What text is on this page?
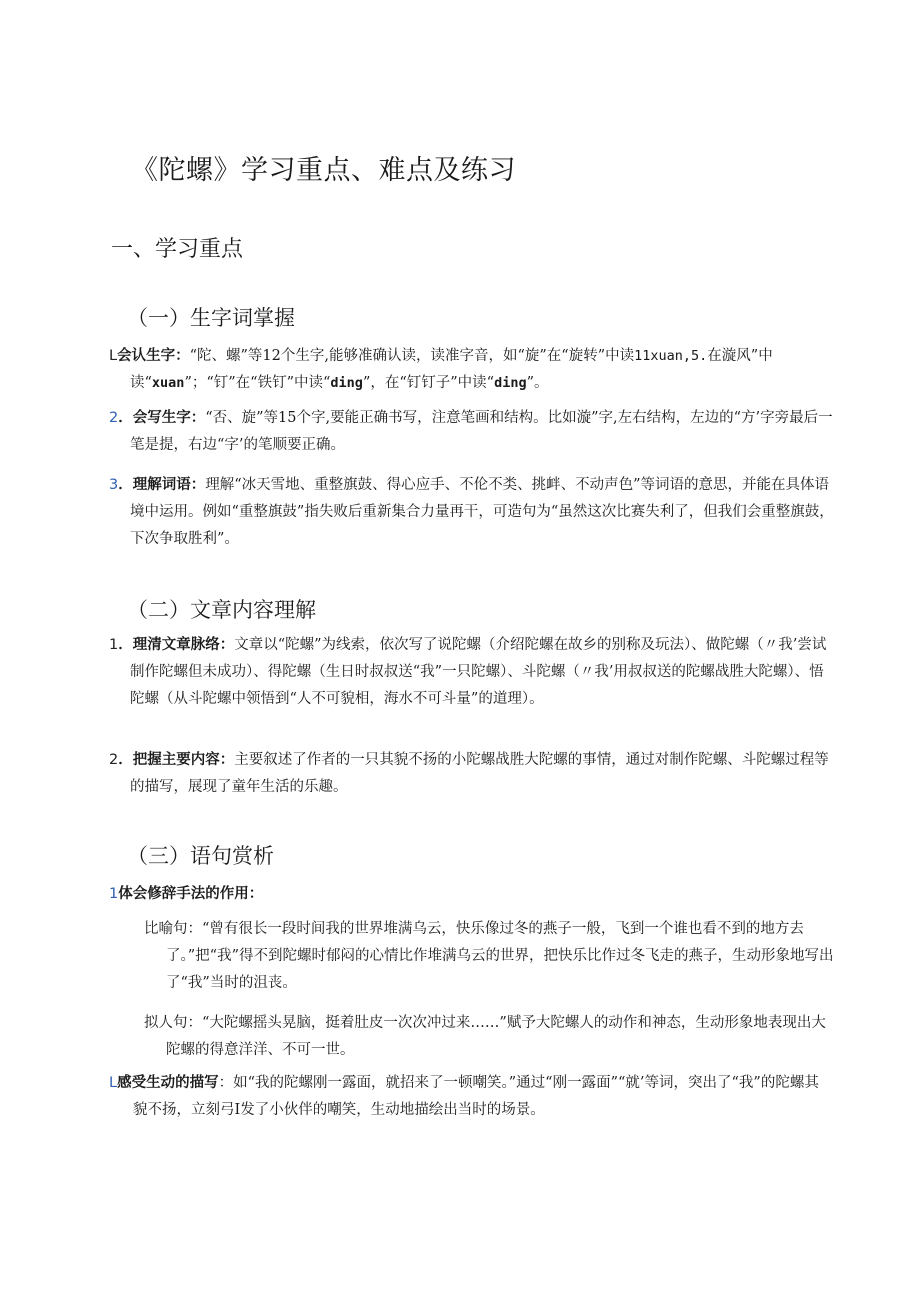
《陀螺》学习重点、难点及练习
一、学习重点
（一）生字词掌握
L会认生字：“陀、螺”等12个生字,能够准确认读，读准字音，如“旋”在“旋转”中读11xuan,5.在漩风”中读“xuan”；“钉”在“铁钉”中读“ding”，在“钉钉子”中读“ding”。
2．会写生字：“否、旋”等15个字,要能正确书写，注意笔画和结构。比如漩”字,左右结构，左边的“方’字旁最后一笔是提，右边“字’的笔顺要正确。
3．理解词语：理解“冰天雪地、重整旗鼓、得心应手、不伦不类、挑衅、不动声色”等词语的意思，并能在具体语境中运用。例如“重整旗鼓”指失败后重新集合力量再干，可造句为“虽然这次比赛失利了，但我们会重整旗鼓，下次争取胜利”。
（二）文章内容理解
1．理清文章脉络：文章以“陀螺”为线索，依次写了说陀螺（介绍陀螺在故乡的别称及玩法）、做陀螺（〃我’尝试制作陀螺但未成功）、得陀螺（生日时叔叔送“我”一只陀螺）、斗陀螺（〃我’用叔叔送的陀螺战胜大陀螺）、悟陀螺（从斗陀螺中领悟到“人不可貌相，海水不可斗量”的道理）。
2．把握主要内容：主要叙述了作者的一只其貌不扬的小陀螺战胜大陀螺的事情，通过对制作陀螺、斗陀螺过程等的描写，展现了童年生活的乐趣。
（三）语句赏析
1体会修辞手法的作用：
比喻句：“曾有很长一段时间我的世界堆满乌云，快乐像过冬的燕子一般，飞到一个谁也看不到的地方去了。”把“我”得不到陀螺时郁闷的心情比作堆满乌云的世界，把快乐比作过冬飞走的燕子，生动形象地写出了“我”当时的沮丧。
拟人句：“大陀螺摇头晃脑，挺着肚皮一次次冲过来……”赋予大陀螺人的动作和神态，生动形象地表现出大陀螺的得意洋洋、不可一世。
L感受生动的描写：如“我的陀螺刚一露面，就招来了一顿嘲笑。”通过“刚一露面”“就’等词，突出了“我”的陀螺其貌不扬，立刻弓I发了小伙伴的嘲笑，生动地描绘出当时的场景。
